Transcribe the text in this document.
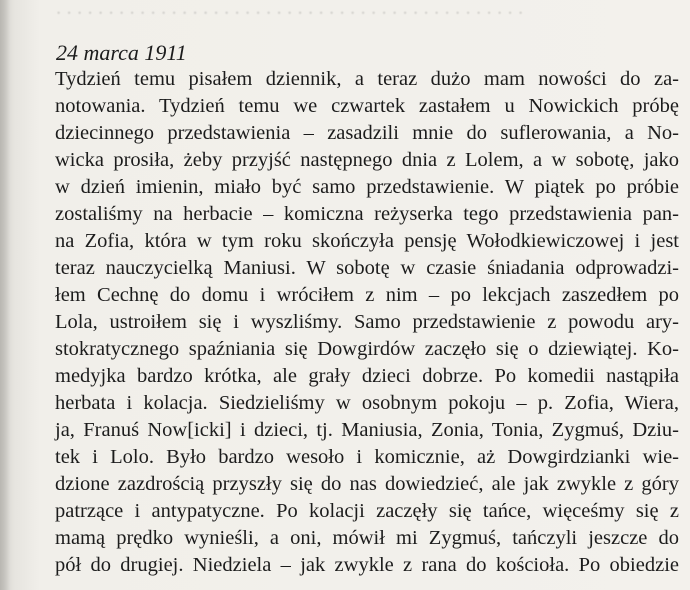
. . . . . . . . . . . . . . . . . . . . . . . . . . . . . . . . . . . . . . . . . . . . .
24 marca 1911
Tydzień temu pisałem dziennik, a teraz dużo mam nowości do za-
notowania. Tydzień temu we czwartek zastałem u Nowickich próbę
dziecinnego przedstawienia – zasadzili mnie do suflerowania, a No-
wicka prosiła, żeby przyjść następnego dnia z Lolem, a w sobotę, jako
w dzień imienin, miało być samo przedstawienie. W piątek po próbie
zostaliśmy na herbacie – komiczna reżyserka tego przedstawienia pan-
na Zofia, która w tym roku skończyła pensję Wołodkiewiczowej i jest
teraz nauczycielką Maniusi. W sobotę w czasie śniadania odprowadzi-
łem Cechnę do domu i wróciłem z nim – po lekcjach zaszedłem po
Lola, ustroiłem się i wyszliśmy. Samo przedstawienie z powodu ary-
stokratycznego spaźniania się Dowgirdów zaczęło się o dziewiątej. Ko-
medyjka bardzo krótka, ale grały dzieci dobrze. Po komedii nastąpiła
herbata i kolacja. Siedzieliśmy w osobnym pokoju – p. Zofia, Wiera,
ja, Franuś Now[icki] i dzieci, tj. Maniusia, Zonia, Tonia, Zygmuś, Dziu-
tek i Lolo. Było bardzo wesoło i komicznie, aż Dowgirdzianki wie-
dzione zazdrością przyszły się do nas dowiedzieć, ale jak zwykle z góry
patrzące i antypatyczne. Po kolacji zaczęły się tańce, więceśmy się z
mamą prędko wynieśli, a oni, mówił mi Zygmuś, tańczyli jeszcze do
pół do drugiej. Niedziela – jak zwykle z rana do kościoła. Po obiedzie
